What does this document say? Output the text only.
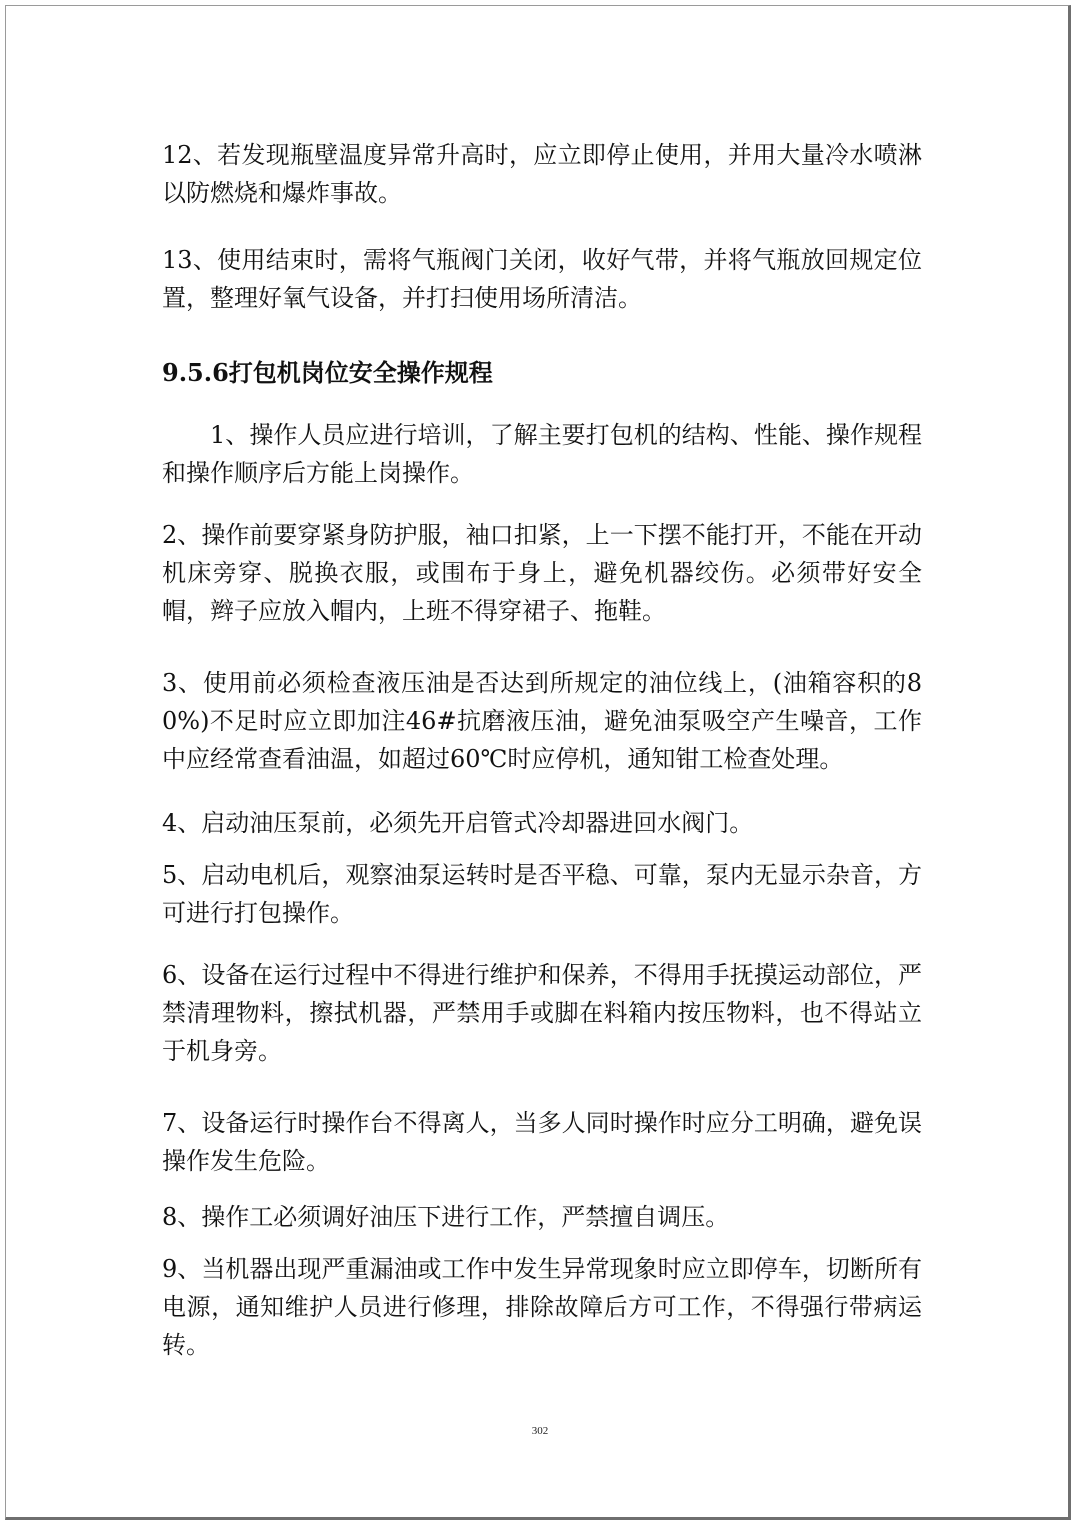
12、若发现瓶壁温度异常升高时，应立即停止使用，并用大量冷水喷淋以防燃烧和爆炸事故。

13、使用结束时，需将气瓶阀门关闭，收好气带，并将气瓶放回规定位置，整理好氧气设备，并打扫使用场所清洁。

9.5.6打包机岗位安全操作规程

1、操作人员应进行培训，了解主要打包机的结构、性能、操作规程和操作顺序后方能上岗操作。

2、操作前要穿紧身防护服，袖口扣紧，上一下摆不能打开，不能在开动机床旁穿、脱换衣服，或围布于身上，避免机器绞伤。必须带好安全帽，辫子应放入帽内，上班不得穿裙子、拖鞋。

3、使用前必须检查液压油是否达到所规定的油位线上，(油箱容积的80%)不足时应立即加注46#抗磨液压油，避免油泵吸空产生噪音，工作中应经常查看油温，如超过60℃时应停机，通知钳工检查处理。

4、启动油压泵前，必须先开启管式冷却器进回水阀门。

5、启动电机后，观察油泵运转时是否平稳、可靠，泵内无显示杂音，方可进行打包操作。

6、设备在运行过程中不得进行维护和保养，不得用手抚摸运动部位，严禁清理物料，擦拭机器，严禁用手或脚在料箱内按压物料，也不得站立于机身旁。

7、设备运行时操作台不得离人，当多人同时操作时应分工明确，避免误操作发生危险。

8、操作工必须调好油压下进行工作，严禁擅自调压。

9、当机器出现严重漏油或工作中发生异常现象时应立即停车，切断所有电源，通知维护人员进行修理，排除故障后方可工作，不得强行带病运转。

302
